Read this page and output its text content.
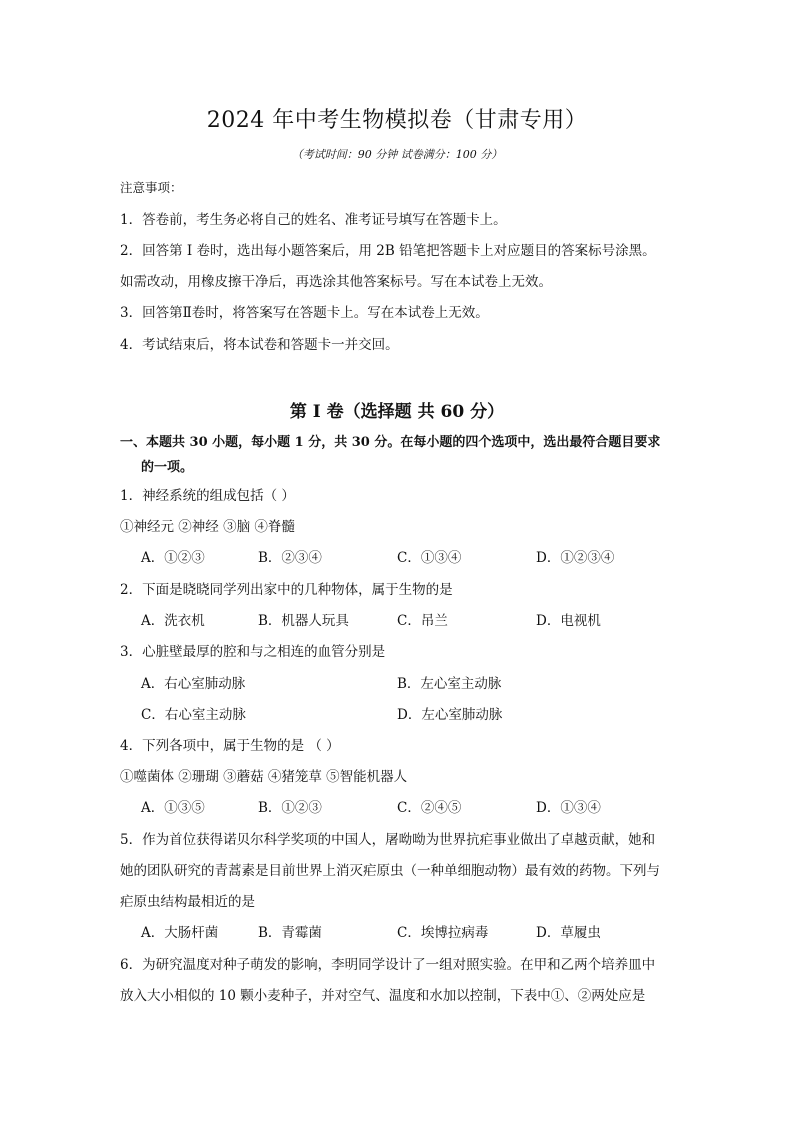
2024 年中考生物模拟卷（甘肃专用）
（考试时间：90 分钟 试卷满分：100 分）
注意事项：
1．答卷前，考生务必将自己的姓名、准考证号填写在答题卡上。
2．回答第 I 卷时，选出每小题答案后，用 2B 铅笔把答题卡上对应题目的答案标号涂黑。
如需改动，用橡皮擦干净后，再选涂其他答案标号。写在本试卷上无效。
3．回答第Ⅱ卷时，将答案写在答题卡上。写在本试卷上无效。
4．考试结束后，将本试卷和答题卡一并交回。
第 I 卷（选择题 共 60 分）
一、本题共 30 小题，每小题 1 分，共 30 分。在每小题的四个选项中，选出最符合题目要求
的一项。
1．神经系统的组成包括（ ）
①神经元 ②神经 ③脑 ④脊髓
A．①②③	B．②③④	C．①③④	D．①②③④
2．下面是晓晓同学列出家中的几种物体，属于生物的是
A．洗衣机	B．机器人玩具	C．吊兰	D．电视机
3．心脏壁最厚的腔和与之相连的血管分别是
A．右心室肺动脉	B．左心室主动脉
C．右心室主动脉	D．左心室肺动脉
4．下列各项中，属于生物的是 （ ）
①噬菌体 ②珊瑚 ③蘑菇 ④猪笼草 ⑤智能机器人
A．①③⑤	B．①②③	C．②④⑤	D．①③④
5．作为首位获得诺贝尔科学奖项的中国人，屠呦呦为世界抗疟事业做出了卓越贡献，她和
她的团队研究的青蒿素是目前世界上消灭疟原虫（一种单细胞动物）最有效的药物。下列与
疟原虫结构最相近的是
A．大肠杆菌	B．青霉菌	C．埃博拉病毒	D．草履虫
6．为研究温度对种子萌发的影响，李明同学设计了一组对照实验。在甲和乙两个培养皿中
放入大小相似的 10 颗小麦种子，并对空气、温度和水加以控制，下表中①、②两处应是
